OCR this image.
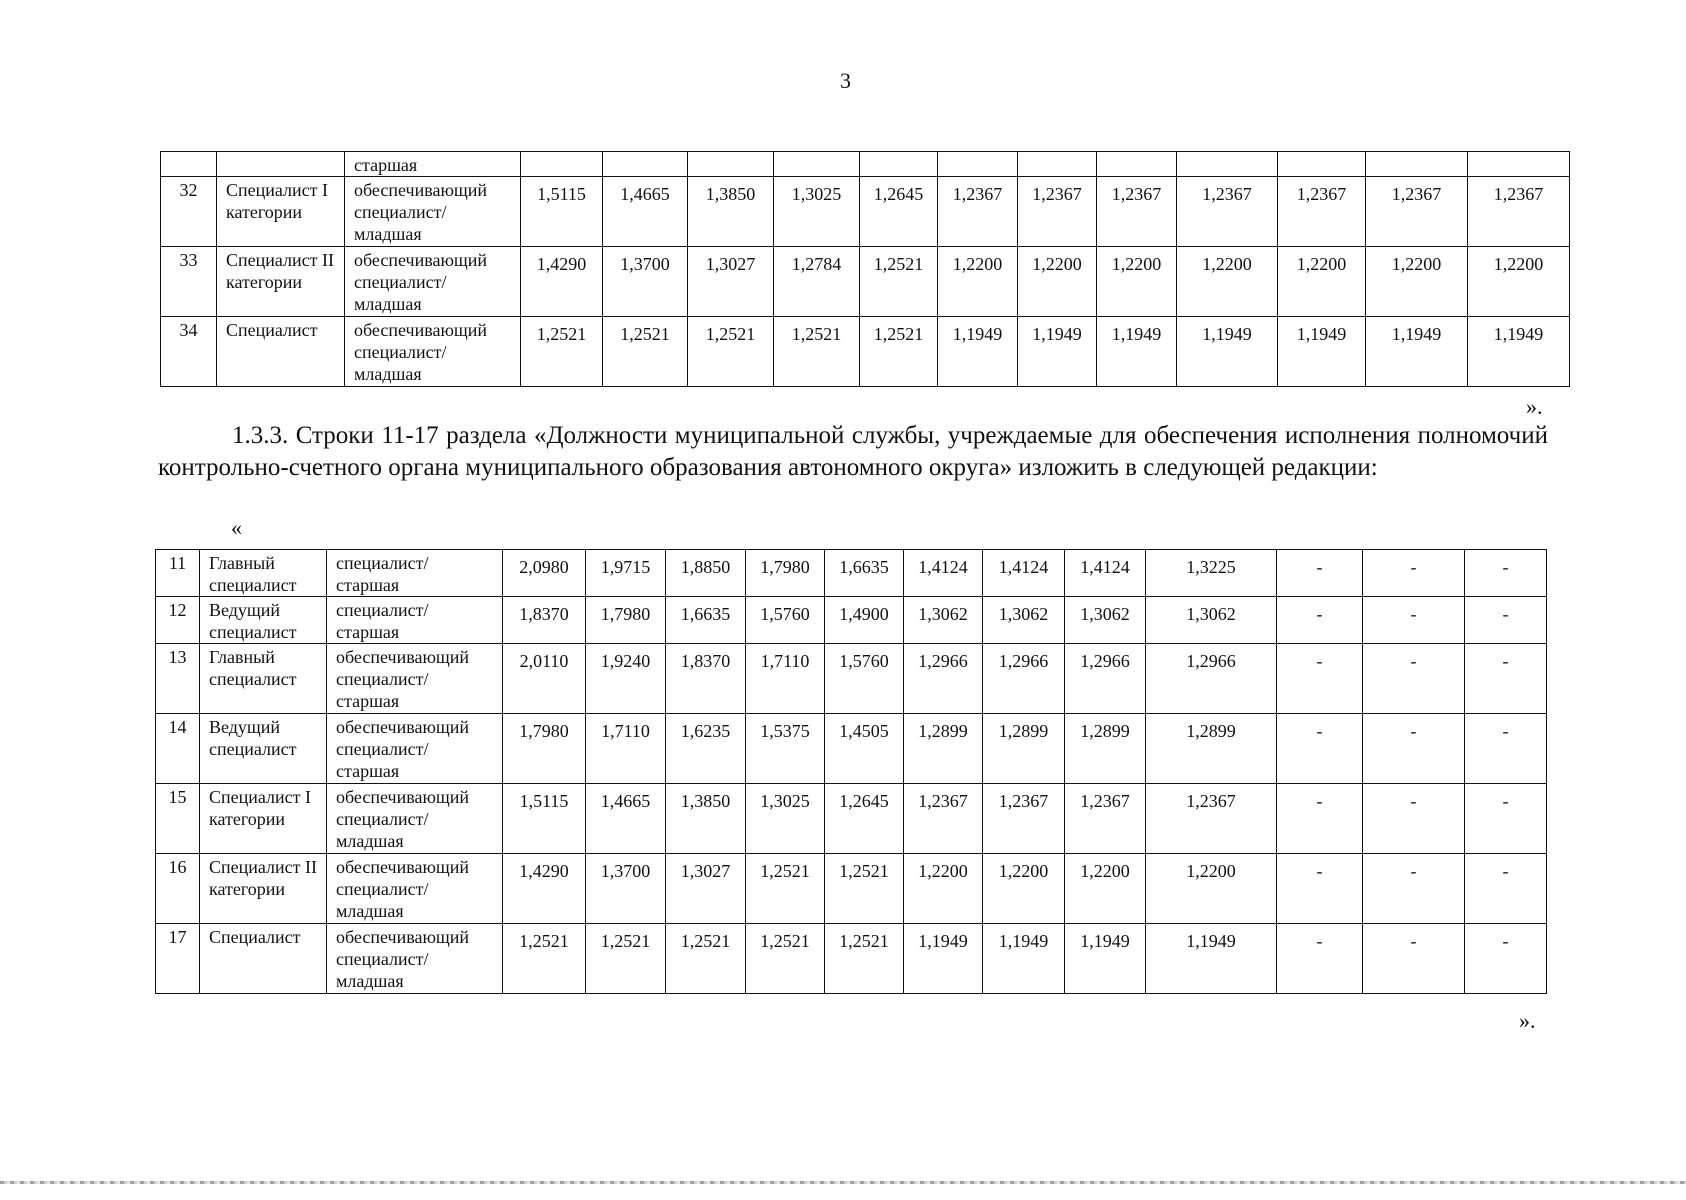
3
		старшая												
32	Специалист I категории	обеспечивающий специалист/ младшая	1,5115	1,4665	1,3850	1,3025	1,2645	1,2367	1,2367	1,2367	1,2367	1,2367	1,2367	1,2367
33	Специалист II категории	обеспечивающий специалист/ младшая	1,4290	1,3700	1,3027	1,2784	1,2521	1,2200	1,2200	1,2200	1,2200	1,2200	1,2200	1,2200
34	Специалист	обеспечивающий специалист/ младшая	1,2521	1,2521	1,2521	1,2521	1,2521	1,1949	1,1949	1,1949	1,1949	1,1949	1,1949	1,1949
».
1.3.3. Строки 11-17 раздела «Должности муниципальной службы, учреждаемые для обеспечения исполнения полномочий контрольно-счетного органа муниципального образования автономного округа» изложить в следующей редакции:
«
11	Главный специалист	специалист/ старшая	2,0980	1,9715	1,8850	1,7980	1,6635	1,4124	1,4124	1,4124	1,3225	-	-	-
12	Ведущий специалист	специалист/ старшая	1,8370	1,7980	1,6635	1,5760	1,4900	1,3062	1,3062	1,3062	1,3062	-	-	-
13	Главный специалист	обеспечивающий специалист/ старшая	2,0110	1,9240	1,8370	1,7110	1,5760	1,2966	1,2966	1,2966	1,2966	-	-	-
14	Ведущий специалист	обеспечивающий специалист/ старшая	1,7980	1,7110	1,6235	1,5375	1,4505	1,2899	1,2899	1,2899	1,2899	-	-	-
15	Специалист I категории	обеспечивающий специалист/ младшая	1,5115	1,4665	1,3850	1,3025	1,2645	1,2367	1,2367	1,2367	1,2367	-	-	-
16	Специалист II категории	обеспечивающий специалист/ младшая	1,4290	1,3700	1,3027	1,2521	1,2521	1,2200	1,2200	1,2200	1,2200	-	-	-
17	Специалист	обеспечивающий специалист/ младшая	1,2521	1,2521	1,2521	1,2521	1,2521	1,1949	1,1949	1,1949	1,1949	-	-	-
».
